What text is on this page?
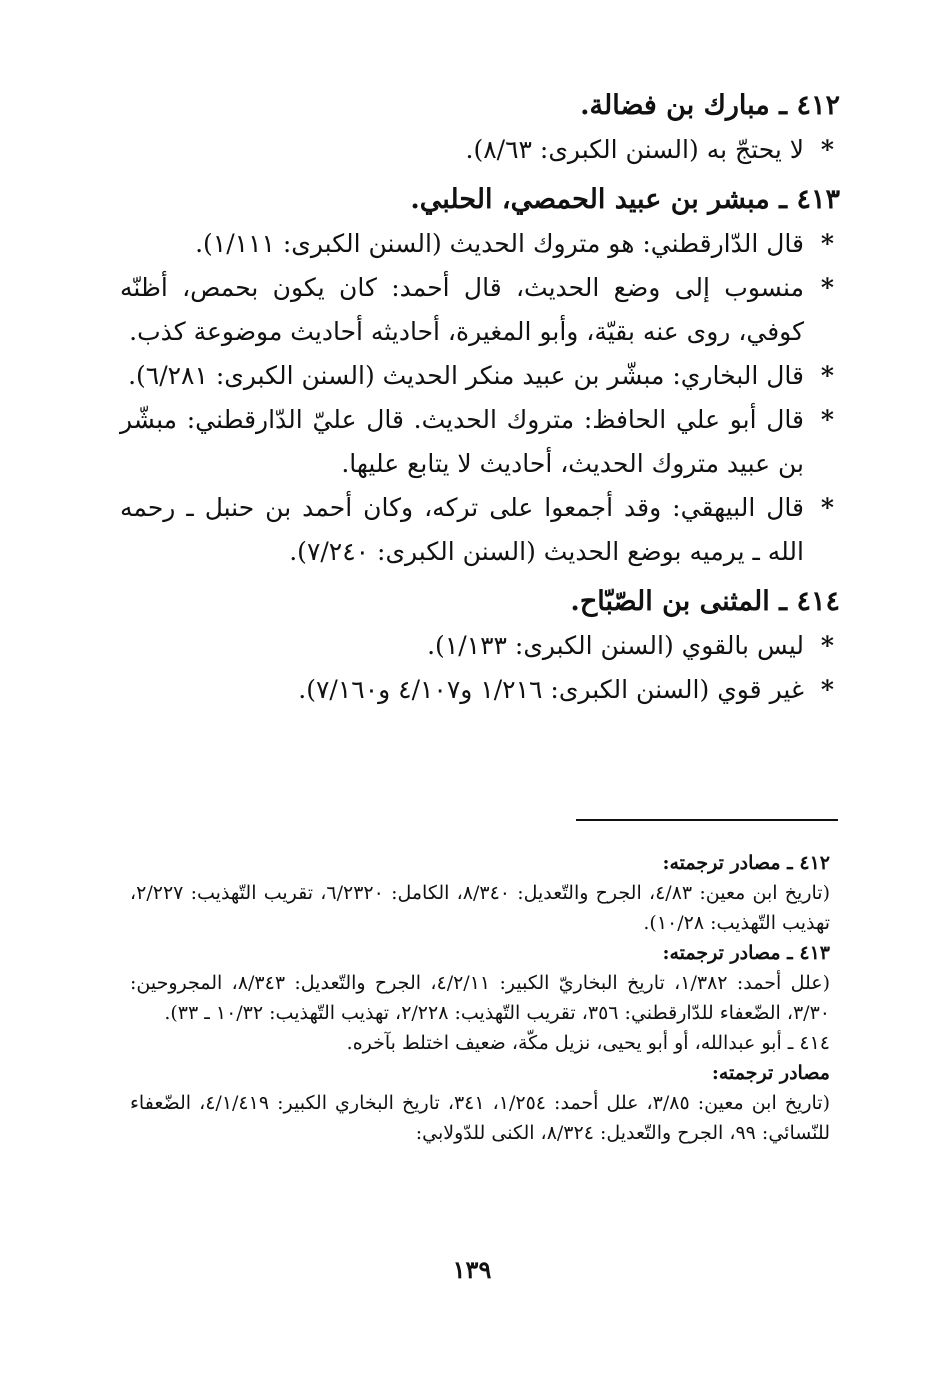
٤١٢ ـ مبارك بن فضالة.

*
لا يحتجّ به (السنن الكبرى: ٨/٦٣).

٤١٣ ـ مبشر بن عبيد الحمصي، الحلبي.

*
قال الدّارقطني: هو متروك الحديث (السنن الكبرى: ١/١١١).

*
منسوب إلى وضع الحديث، قال أحمد: كان يكون بحمص، أظنّه كوفي، روى عنه بقيّة، وأبو المغيرة، أحاديثه أحاديث موضوعة كذب.

*
قال البخاري: مبشّر بن عبيد منكر الحديث (السنن الكبرى: ٦/٢٨١).

*
قال أبو علي الحافظ: متروك الحديث. قال عليّ الدّارقطني: مبشّر بن عبيد متروك الحديث، أحاديث لا يتابع عليها.

*
قال البيهقي: وقد أجمعوا على تركه، وكان أحمد بن حنبل ـ رحمه الله ـ يرميه بوضع الحديث (السنن الكبرى: ٧/٢٤٠).

٤١٤ ـ المثنى بن الصّبّاح.

*
ليس بالقوي (السنن الكبرى: ١/١٣٣).

*
غير قوي (السنن الكبرى: ١/٢١٦ و٤/١٠٧ و٧/١٦٠).

٤١٢ ـ مصادر ترجمته:

(تاريخ ابن معين: ٤/٨٣، الجرح والتّعديل: ٨/٣٤٠، الكامل: ٦/٢٣٢٠، تقريب التّهذيب: ٢/٢٢٧، تهذيب التّهذيب: ١٠/٢٨).

٤١٣ ـ مصادر ترجمته:

(علل أحمد: ١/٣٨٢، تاريخ البخاريّ الكبير: ٤/٢/١١، الجرح والتّعديل: ٨/٣٤٣، المجروحين: ٣/٣٠، الضّعفاء للدّارقطني: ٣٥٦، تقريب التّهذيب: ٢/٢٢٨، تهذيب التّهذيب: ١٠/٣٢ ـ ٣٣).

٤١٤ ـ أبو عبدالله، أو أبو يحيى، نزيل مكّة، ضعيف اختلط بآخره.

مصادر ترجمته:

(تاريخ ابن معين: ٣/٨٥، علل أحمد: ١/٢٥٤، ٣٤١، تاريخ البخاري الكبير: ٤/١/٤١٩، الضّعفاء للنّسائي: ٩٩، الجرح والتّعديل: ٨/٣٢٤، الكنى للدّولابي:

١٣٩
